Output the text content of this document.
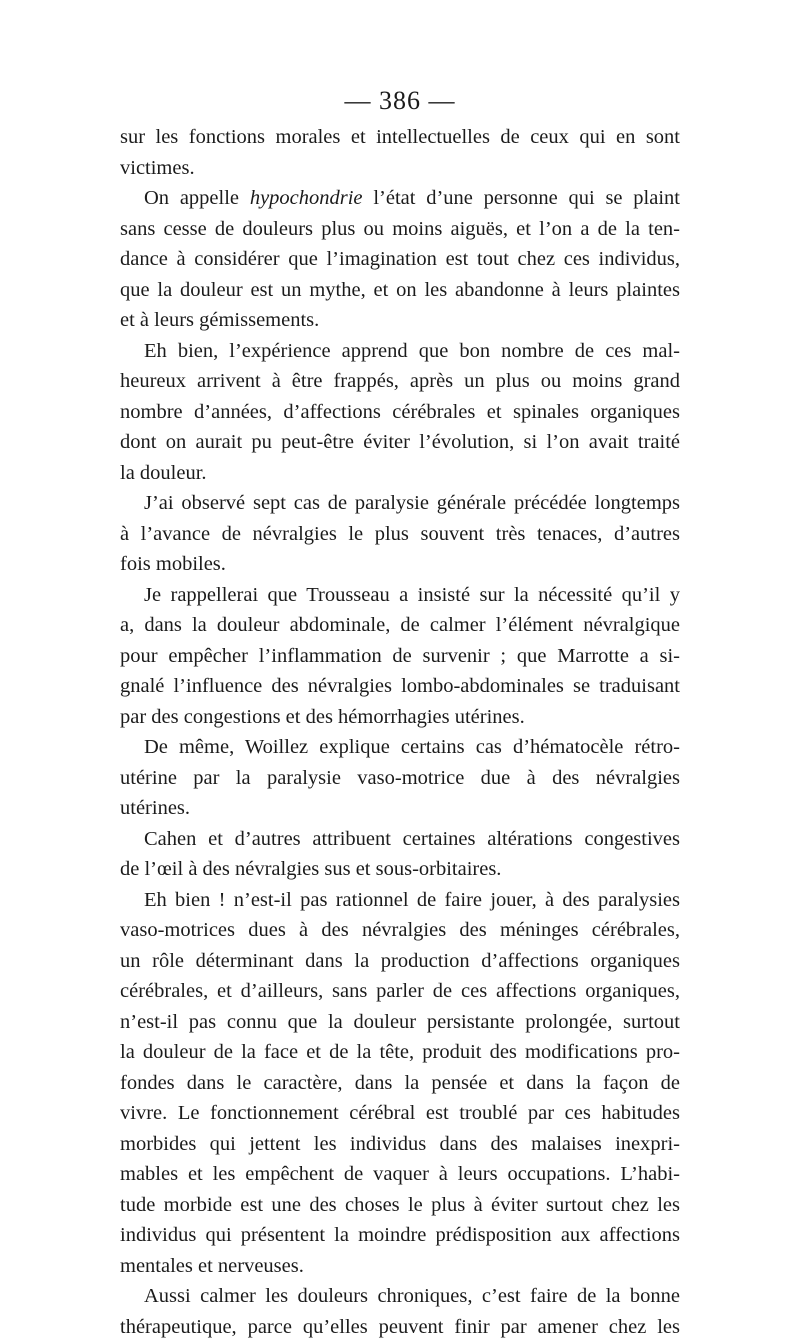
— 386 —
sur les fonctions morales et intellectuelles de ceux qui en sont
victimes.
On appelle hypochondrie l’état d’une personne qui se plaint
sans cesse de douleurs plus ou moins aiguës, et l’on a de la ten-
dance à considérer que l’imagination est tout chez ces individus,
que la douleur est un mythe, et on les abandonne à leurs plaintes
et à leurs gémissements.
Eh bien, l’expérience apprend que bon nombre de ces mal-
heureux arrivent à être frappés, après un plus ou moins grand
nombre d’années, d’affections cérébrales et spinales organiques
dont on aurait pu peut-être éviter l’évolution, si l’on avait traité
la douleur.
J’ai observé sept cas de paralysie générale précédée longtemps
à l’avance de névralgies le plus souvent très tenaces, d’autres
fois mobiles.
Je rappellerai que Trousseau a insisté sur la nécessité qu’il y
a, dans la douleur abdominale, de calmer l’élément névralgique
pour empêcher l’inflammation de survenir ; que Marrotte a si-
gnalé l’influence des névralgies lombo-abdominales se traduisant
par des congestions et des hémorrhagies utérines.
De même, Woillez explique certains cas d’hématocèle rétro-
utérine par la paralysie vaso-motrice due à des névralgies
utérines.
Cahen et d’autres attribuent certaines altérations congestives
de l’œil à des névralgies sus et sous-orbitaires.
Eh bien ! n’est-il pas rationnel de faire jouer, à des paralysies
vaso-motrices dues à des névralgies des méninges cérébrales,
un rôle déterminant dans la production d’affections organiques
cérébrales, et d’ailleurs, sans parler de ces affections organiques,
n’est-il pas connu que la douleur persistante prolongée, surtout
la douleur de la face et de la tête, produit des modifications pro-
fondes dans le caractère, dans la pensée et dans la façon de
vivre. Le fonctionnement cérébral est troublé par ces habitudes
morbides qui jettent les individus dans des malaises inexpri-
mables et les empêchent de vaquer à leurs occupations. L’habi-
tude morbide est une des choses le plus à éviter surtout chez les
individus qui présentent la moindre prédisposition aux affections
mentales et nerveuses.
Aussi calmer les douleurs chroniques, c’est faire de la bonne
thérapeutique, parce qu’elles peuvent finir par amener chez les
